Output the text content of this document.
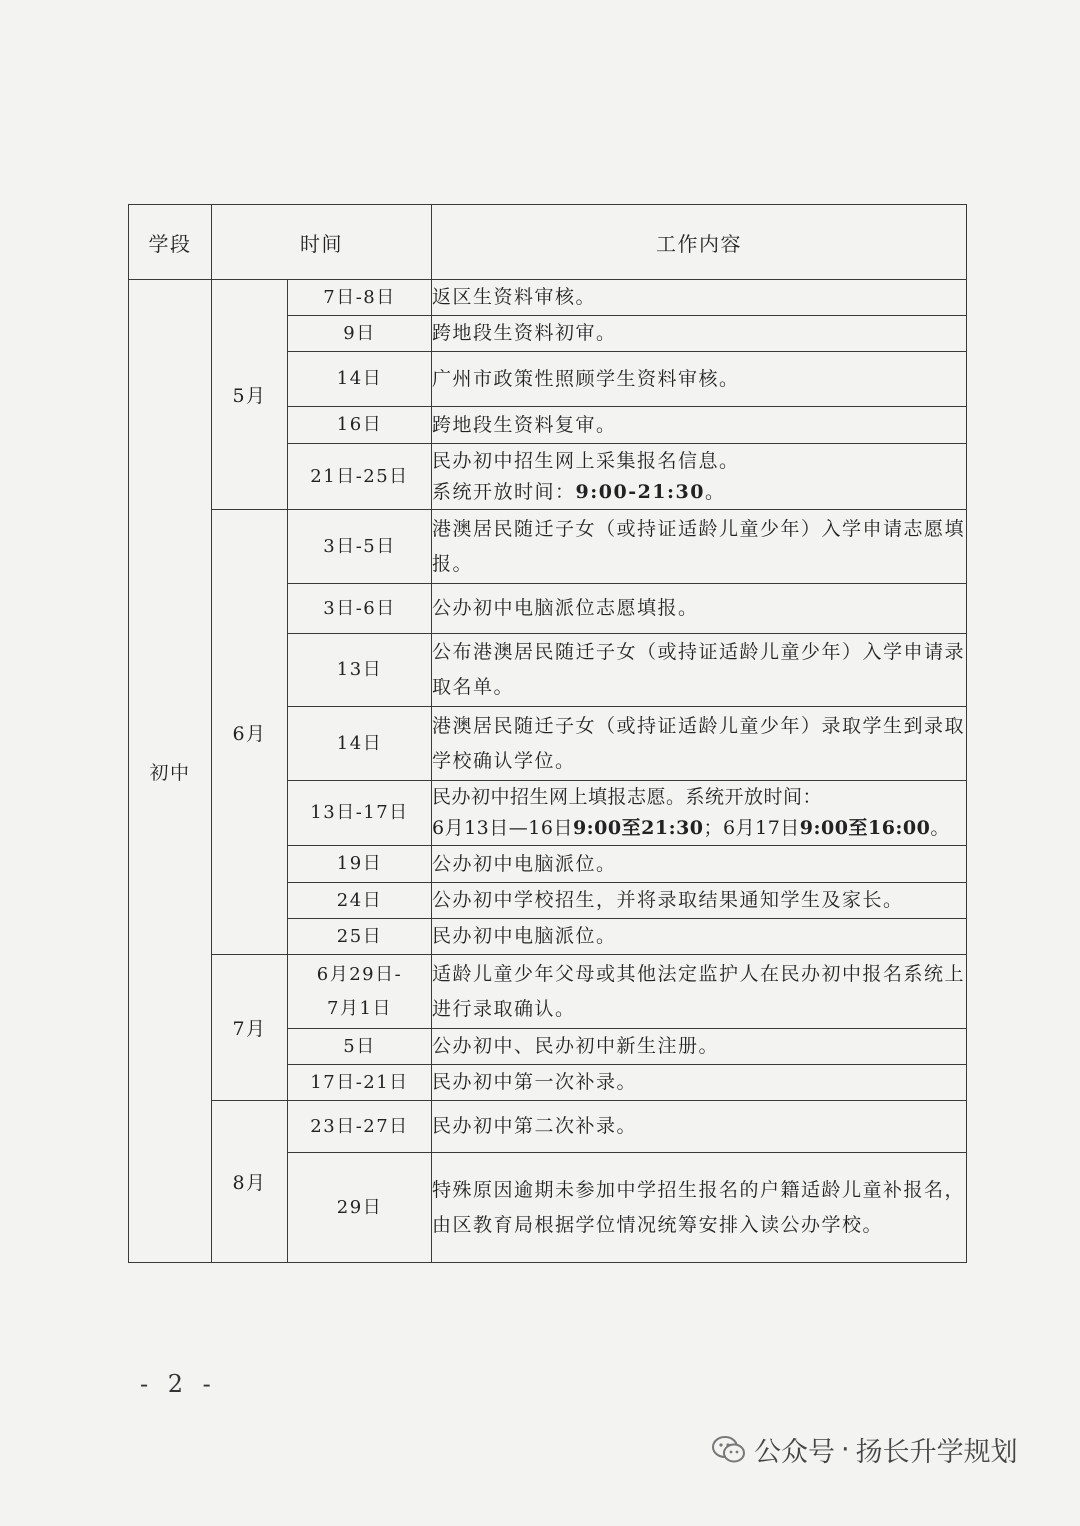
学段	时间		工作内容
初中	5月	7日-8日	返区生资料审核。
		9日	跨地段生资料初审。
		14日	广州市政策性照顾学生资料审核。
		16日	跨地段生资料复审。
		21日-25日	民办初中招生网上采集报名信息。
系统开放时间：9:00-21:30。
	6月	3日-5日	港澳居民随迁子女（或持证适龄儿童少年）入学申请志愿填报。
		3日-6日	公办初中电脑派位志愿填报。
		13日	公布港澳居民随迁子女（或持证适龄儿童少年）入学申请录取名单。
		14日	港澳居民随迁子女（或持证适龄儿童少年）录取学生到录取学校确认学位。
		13日-17日	民办初中招生网上填报志愿。系统开放时间：
6月13日—16日9:00至21:30；6月17日9:00至16:00。
		19日	公办初中电脑派位。
		24日	公办初中学校招生，并将录取结果通知学生及家长。
		25日	民办初中电脑派位。
	7月	6月29日-
7月1日	适龄儿童少年父母或其他法定监护人在民办初中报名系统上进行录取确认。
		5日	公办初中、民办初中新生注册。
		17日-21日	民办初中第一次补录。
	8月	23日-27日	民办初中第二次补录。
		29日	特殊原因逾期未参加中学招生报名的户籍适龄儿童补报名，由区教育局根据学位情况统筹安排入读公办学校。
- 2 -
公众号 · 扬长升学规划
